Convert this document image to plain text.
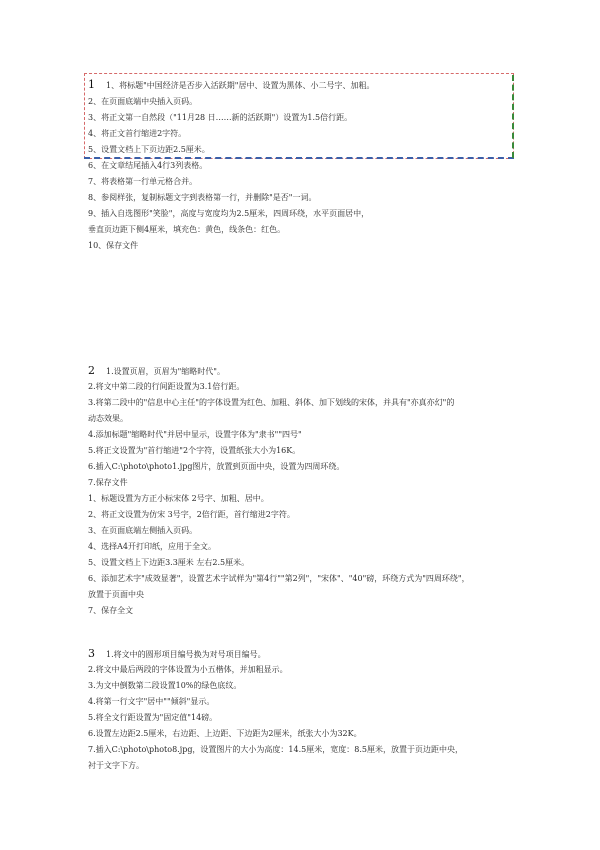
1 1、将标题"中国经济是否步入活跃期"居中、设置为黑体、小二号字、加粗。
2、在页面底端中央插入页码。
3、将正文第一自然段（"11月28 日……新的活跃期"）设置为1.5倍行距。
4、将正文首行缩进2字符。
5、设置文档上下页边距2.5厘米。
6、在文章结尾插入4行3列表格。
7、将表格第一行单元格合并。
8、参阅样张，复制标题文字到表格第一行，并删除"是否"一词。
9、插入自选图形"笑脸"，高度与宽度均为2.5厘米，四周环绕，水平页面居中，
垂直页边距下侧4厘米，填充色：黄色，线条色：红色。
10、保存文件
2 1.设置页眉，页眉为"缩略时代"。
2.将文中第二段的行间距设置为3.1倍行距。
3.将第二段中的"信息中心主任"的字体设置为红色、加粗、斜体、加下划线的宋体，并具有"亦真亦幻"的
动态效果。
4.添加标题"缩略时代"并居中显示，设置字体为"隶书""四号"
5.将正文设置为"首行缩进"2个字符，设置纸张大小为16K。
6.插入C:\photo\photo1.jpg图片，放置到页面中央，设置为四周环绕。
7.保存文件
1、标题设置为方正小标宋体 2号字、加粗、居中。
2、将正文设置为仿宋 3号字，2倍行距，首行缩进2字符。
3、在页面底端左侧插入页码。
4、选择A4开打印纸，应用于全文。
5、设置文档上下边距3.3厘米 左右2.5厘米。
6、添加艺术字"成效显著"，设置艺术字试样为"第4行""第2列"，"宋体"、"40"磅，环绕方式为"四周环绕"，
放置于页面中央
7、保存全文
3 1.将文中的圆形项目编号换为对号项目编号。
2.将文中最后两段的字体设置为小五楷体，并加粗显示。
3.为文中倒数第二段设置10%的绿色底纹。
4.将第一行文字"居中""倾斜"显示。
5.将全文行距设置为"固定值"14磅。
6.设置左边距2.5厘米，右边距、上边距、下边距为2厘米，纸张大小为32K。
7.插入C:\photo\photo8.jpg，设置图片的大小为高度：14.5厘米，宽度：8.5厘米，放置于页边距中央，
衬于文字下方。
